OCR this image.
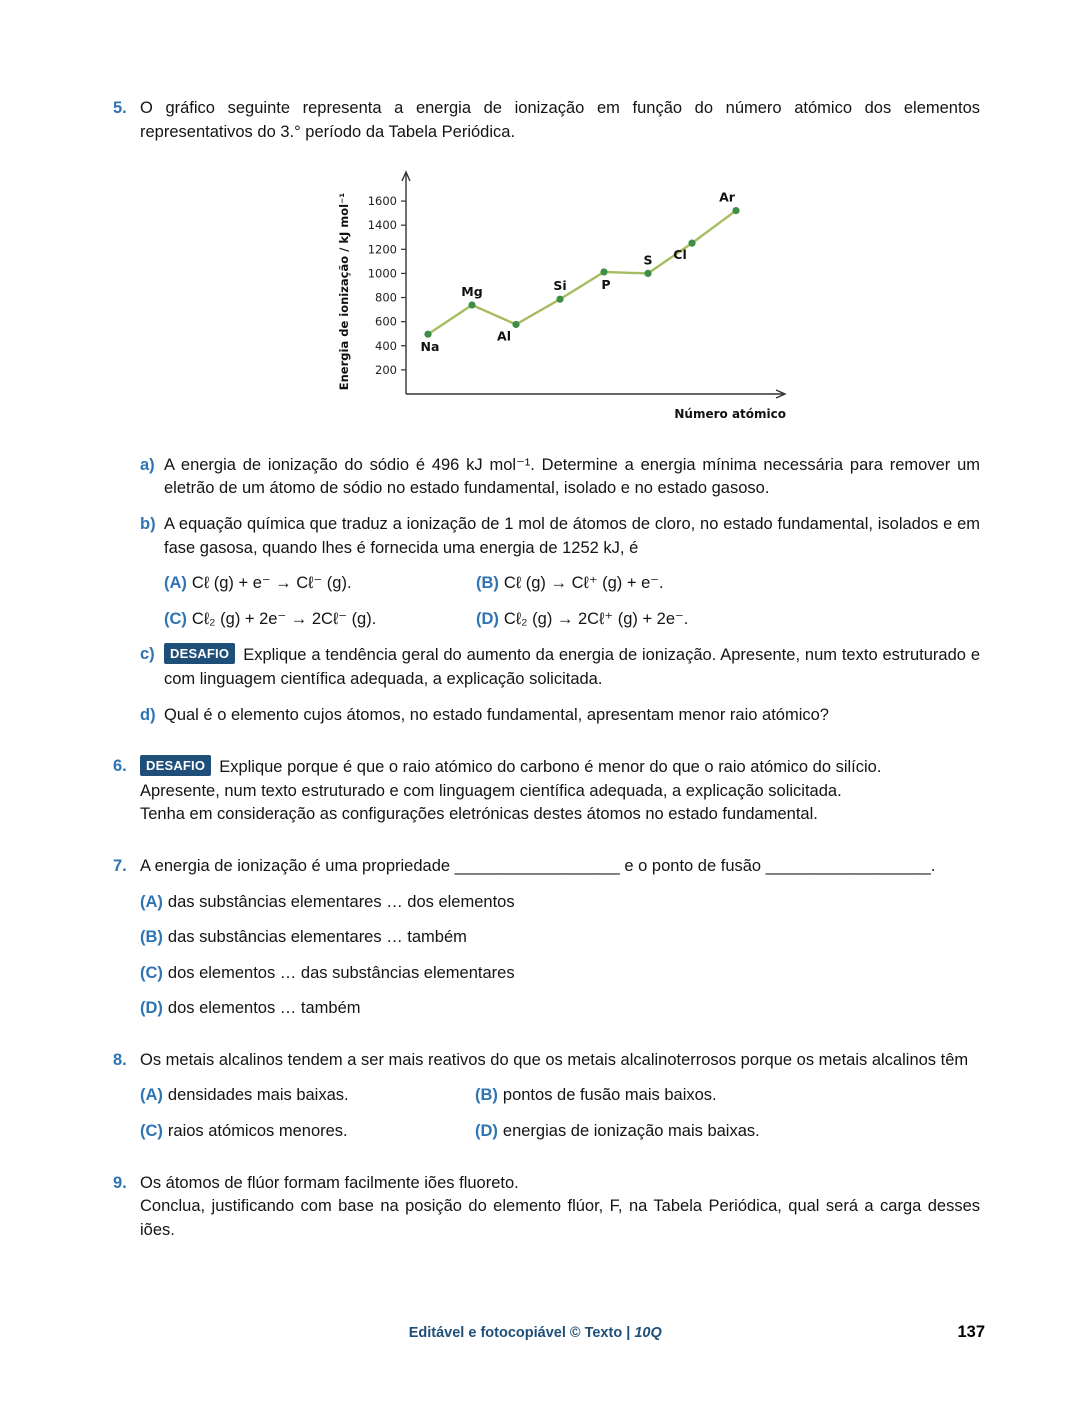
5. O gráfico seguinte representa a energia de ionização em função do número atómico dos elementos representativos do 3.° período da Tabela Periódica.

200
400
600
800
1000
1200
1400
1600
Na
Mg
Al
Si	P
S Cl
Ar
Energia de ionização / kJ mol⁻¹
Número atómico
a) A energia de ionização do sódio é 496 kJ mol⁻¹. Determine a energia mínima necessária para remover um eletrão de um átomo de sódio no estado fundamental, isolado e no estado gasoso.

b) A equação química que traduz a ionização de 1 mol de átomos de cloro, no estado fundamental, isolados e em fase gasosa, quando lhes é fornecida uma energia de 1252 kJ, é

(A) Cℓ (g) + e⁻ → Cℓ⁻ (g).	(B) Cℓ (g) → Cℓ⁺ (g) + e⁻.
(C) Cℓ₂ (g) + 2e⁻ → 2Cℓ⁻ (g).	(D) Cℓ₂ (g) → 2Cℓ⁺ (g) + 2e⁻.
c)	DESAFIO Explique a tendência geral do aumento da energia de ionização. Apresente, num texto estruturado e com linguagem científica adequada, a explicação solicitada.

d) Qual é o elemento cujos átomos, no estado fundamental, apresentam menor raio atómico?

6.	DESAFIO Explique porque é que o raio atómico do carbono é menor do que o raio atómico do silício.

Apresente, num texto estruturado e com linguagem científica adequada, a explicação solicitada.

Tenha em consideração as configurações eletrónicas destes átomos no estado fundamental.

7. A energia de ionização é uma propriedade __________________ e o ponto de fusão __________________.

(A) das substâncias elementares … dos elementos
(B) das substâncias elementares … também
(C) dos elementos … das substâncias elementares
(D) dos elementos … também
8. Os metais alcalinos tendem a ser mais reativos do que os metais alcalinoterrosos porque os metais alcalinos têm

(A) densidades mais baixas.	(B) pontos de fusão mais baixos.
(C) raios atómicos menores.	(D) energias de ionização mais baixas.
9. Os átomos de flúor formam facilmente iões fluoreto.

Conclua, justificando com base na posição do elemento flúor, F, na Tabela Periódica, qual será a carga desses iões.

Editável e fotocopiável © Texto | 10Q	137
